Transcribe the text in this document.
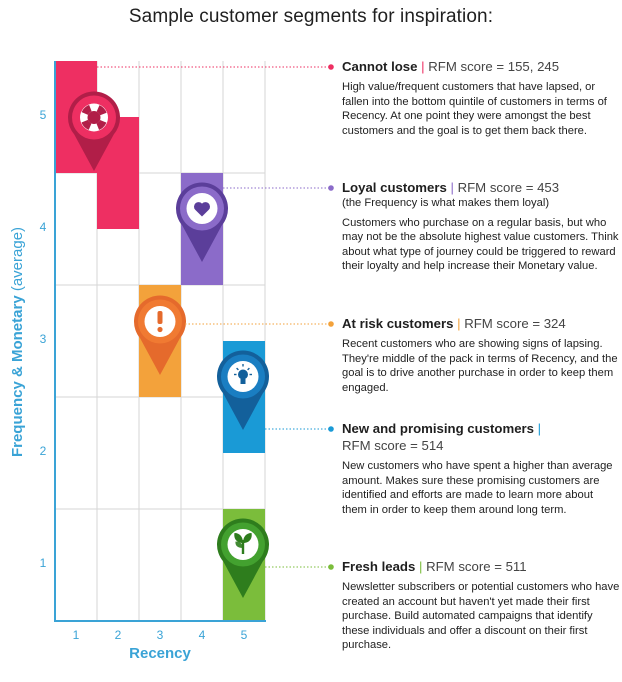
Sample customer segments for inspiration:
5
4
3
2
1
1	2	3	4	5
Recency
Frequency & Monetary (average)
Cannot lose | RFM score = 155, 245
High value/frequent customers that have lapsed, or fallen into the bottom quintile of customers in terms of Recency. At one point they were amongst the best customers and the goal is to get them back there.
Loyal customers | RFM score = 453
(the Frequency is what makes them loyal)
Customers who purchase on a regular basis, but who may not be the absolute highest value customers. Think about what type of journey could be triggered to reward their loyalty and help increase their Monetary value.
At risk customers | RFM score = 324
Recent customers who are showing signs of lapsing. They're middle of the pack in terms of Recency, and the goal is to drive another purchase in order to keep them engaged.
New and promising customers |
RFM score = 514
New customers who have spent a higher than average amount. Makes sure these promising customers are identified and efforts are made to learn more about them in order to keep them around long term.
Fresh leads | RFM score = 511
Newsletter subscribers or potential customers who have created an account but haven't yet made their first purchase. Build automated campaigns that identify these individuals and offer a discount on their first purchase.
